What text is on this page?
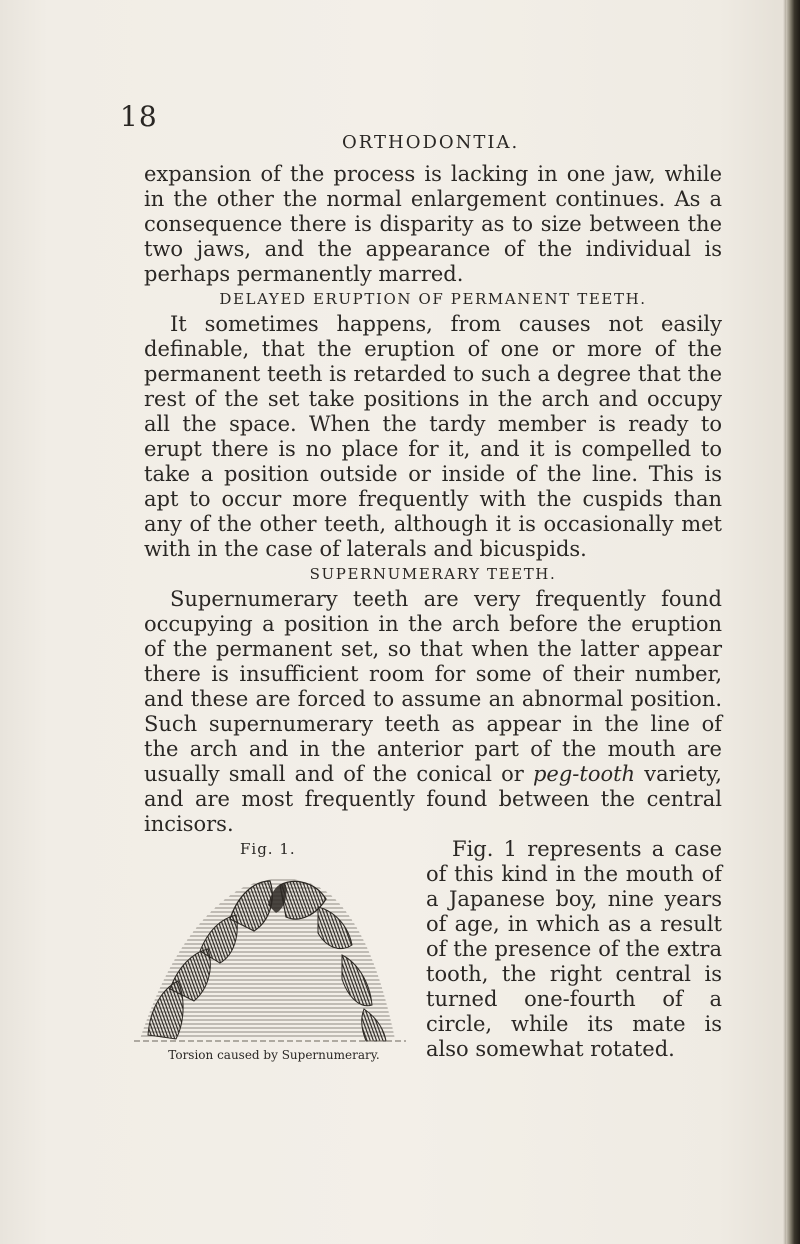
18
ORTHODONTIA.

expansion of the process is lacking in one jaw, while in the other the normal enlargement continues. As a consequence there is disparity as to size between the two jaws, and the appearance of the individual is perhaps permanently marred.

DELAYED ERUPTION OF PERMANENT TEETH.

It sometimes happens, from causes not easily definable, that the eruption of one or more of the permanent teeth is retarded to such a degree that the rest of the set take positions in the arch and occupy all the space. When the tardy member is ready to erupt there is no place for it, and it is compelled to take a position outside or inside of the line. This is apt to occur more frequently with the cuspids than any of the other teeth, although it is occasionally met with in the case of laterals and bicuspids.

SUPERNUMERARY TEETH.

Supernumerary teeth are very frequently found occupying a position in the arch before the eruption of the permanent set, so that when the latter appear there is insufficient room for some of their number, and these are forced to assume an abnormal position. Such supernumerary teeth as appear in the line of the arch and in the anterior part of the mouth are usually small and of the conical or peg-tooth variety, and are most frequently found between the central incisors.

Fig. 1.
Torsion caused by Supernumerary.

Fig. 1 represents a case of this kind in the mouth of a Japanese boy, nine years of age, in which as a result of the presence of the extra tooth, the right central is turned one-fourth of a circle, while its mate is also somewhat rotated.
